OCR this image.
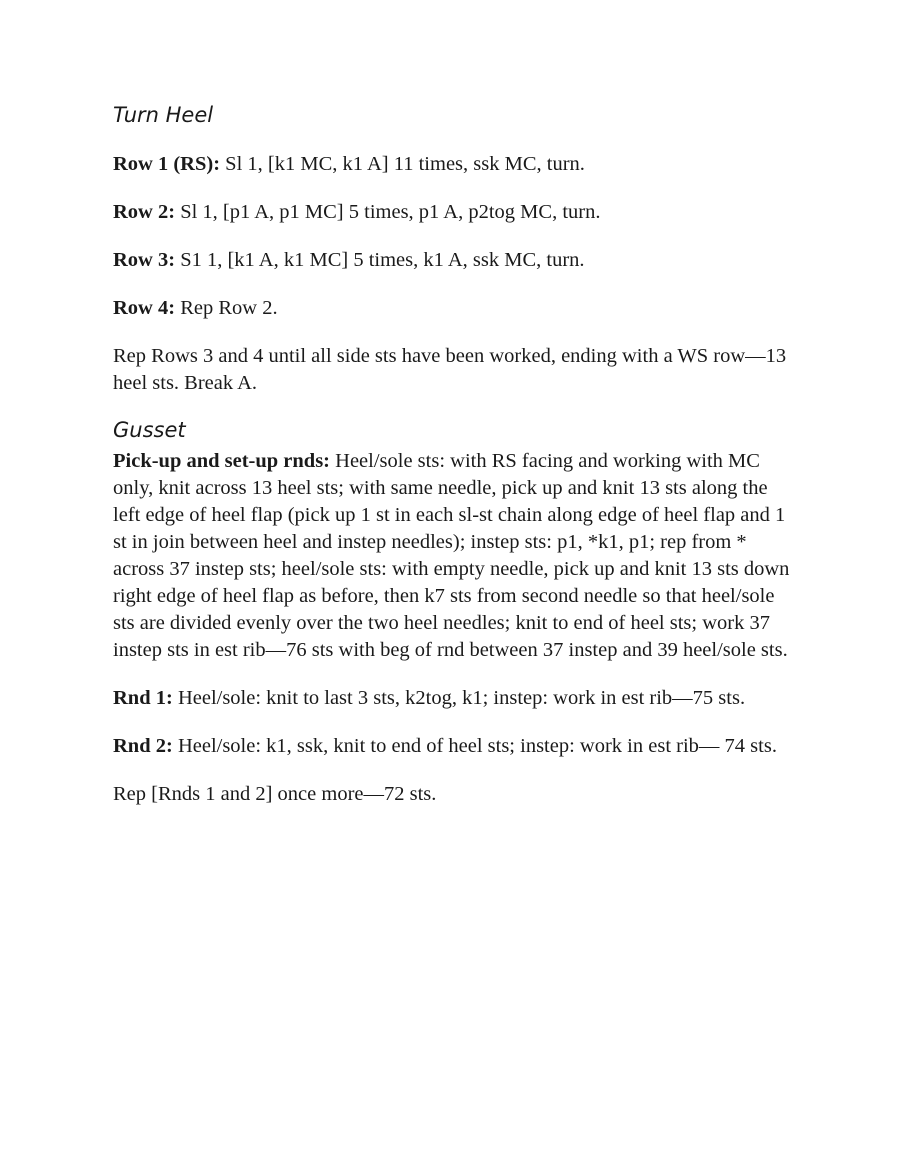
Turn Heel

Row 1 (RS): Sl 1, [k1 MC, k1 A] 11 times, ssk MC, turn.

Row 2: Sl 1, [p1 A, p1 MC] 5 times, p1 A, p2tog MC, turn.

Row 3: S1 1, [k1 A, k1 MC] 5 times, k1 A, ssk MC, turn.

Row 4: Rep Row 2.

Rep Rows 3 and 4 until all side sts have been worked, ending with a WS row—13 heel sts. Break A.

Gusset

Pick-up and set-up rnds: Heel/sole sts: with RS facing and working with MC only, knit across 13 heel sts; with same needle, pick up and knit 13 sts along the left edge of heel flap (pick up 1 st in each sl-st chain along edge of heel flap and 1 st in join between heel and instep needles); instep sts: p1, *k1, p1; rep from * across 37 instep sts; heel/sole sts: with empty needle, pick up and knit 13 sts down right edge of heel flap as before, then k7 sts from second needle so that heel/sole sts are divided evenly over the two heel needles; knit to end of heel sts; work 37 instep sts in est rib—76 sts with beg of rnd between 37 instep and 39 heel/sole sts.

Rnd 1: Heel/sole: knit to last 3 sts, k2tog, k1; instep: work in est rib—75 sts.

Rnd 2: Heel/sole: k1, ssk, knit to end of heel sts; instep: work in est rib— 74 sts.

Rep [Rnds 1 and 2] once more—72 sts.
